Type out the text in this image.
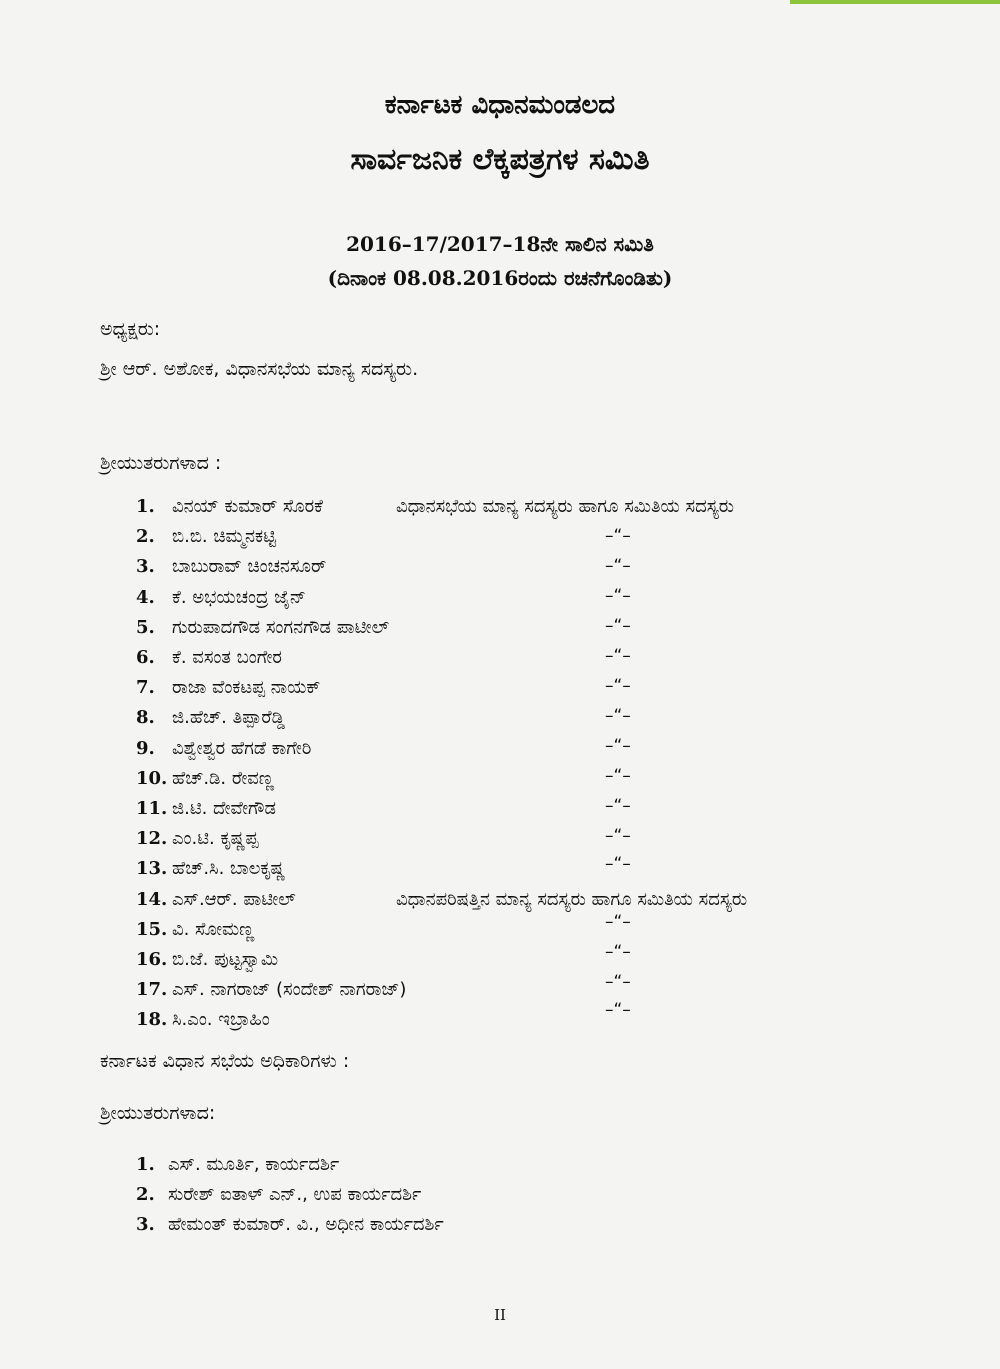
ಕರ್ನಾಟಕ ವಿಧಾನಮಂಡಲದ
ಸಾರ್ವಜನಿಕ ಲೆಕ್ಕಪತ್ರಗಳ ಸಮಿತಿ
2016–17/2017–18ನೇ ಸಾಲಿನ ಸಮಿತಿ
(ದಿನಾಂಕ 08.08.2016ರಂದು ರಚನೆಗೊಂಡಿತು)
ಅಧ್ಯಕ್ಷರು:
ಶ್ರೀ ಆರ್. ಅಶೋಕ, ವಿಧಾನಸಭೆಯ ಮಾನ್ಯ ಸದಸ್ಯರು.
ಶ್ರೀಯುತರುಗಳಾದ :
1. ವಿನಯ್ ಕುಮಾರ್ ಸೊರಕೆ	ವಿಧಾನಸಭೆಯ ಮಾನ್ಯ ಸದಸ್ಯರು ಹಾಗೂ ಸಮಿತಿಯ ಸದಸ್ಯರು
2. ಬಿ.ಬಿ. ಚಿಮ್ಮನಕಟ್ಟಿ
3. ಬಾಬುರಾವ್ ಚಿಂಚನಸೂರ್
4. ಕೆ. ಅಭಯಚಂದ್ರ ಜೈನ್
5. ಗುರುಪಾದಗೌಡ ಸಂಗನಗೌಡ ಪಾಟೀಲ್
6. ಕೆ. ವಸಂತ ಬಂಗೇರ
7. ರಾಜಾ ವೆಂಕಟಪ್ಪ ನಾಯಕ್
8. ಜಿ.ಹೆಚ್. ತಿಪ್ಪಾರೆಡ್ಡಿ
9. ವಿಶ್ವೇಶ್ವರ ಹೆಗಡೆ ಕಾಗೇರಿ
10. ಹೆಚ್.ಡಿ. ರೇವಣ್ಣ
11. ಜಿ.ಟಿ. ದೇವೇಗೌಡ
12. ಎಂ.ಟಿ. ಕೃಷ್ಣಪ್ಪ
13. ಹೆಚ್.ಸಿ. ಬಾಲಕೃಷ್ಣ
14. ಎಸ್.ಆರ್. ಪಾಟೀಲ್	ವಿಧಾನಪರಿಷತ್ತಿನ ಮಾನ್ಯ ಸದಸ್ಯರು ಹಾಗೂ ಸಮಿತಿಯ ಸದಸ್ಯರು
15. ವಿ. ಸೋಮಣ್ಣ
16. ಬಿ.ಜೆ. ಪುಟ್ಟಸ್ವಾಮಿ
17. ಎಸ್. ನಾಗರಾಜ್ (ಸಂದೇಶ್ ನಾಗರಾಜ್)
18. ಸಿ.ಎಂ. ಇಬ್ರಾಹಿಂ
–“–
–“–
–“–
–“–
–“–
–“–
–“–
–“–
–“–
–“–
–“–
–“–
–“–
–“–
–“–
–“–
ಕರ್ನಾಟಕ ವಿಧಾನ ಸಭೆಯ ಅಧಿಕಾರಿಗಳು :
ಶ್ರೀಯುತರುಗಳಾದ:
1. ಎಸ್. ಮೂರ್ತಿ, ಕಾರ್ಯದರ್ಶಿ
2. ಸುರೇಶ್ ಐತಾಳ್ ಎನ್., ಉಪ ಕಾರ್ಯದರ್ಶಿ
3. ಹೇಮಂತ್ ಕುಮಾರ್. ವಿ., ಅಧೀನ ಕಾರ್ಯದರ್ಶಿ
II
